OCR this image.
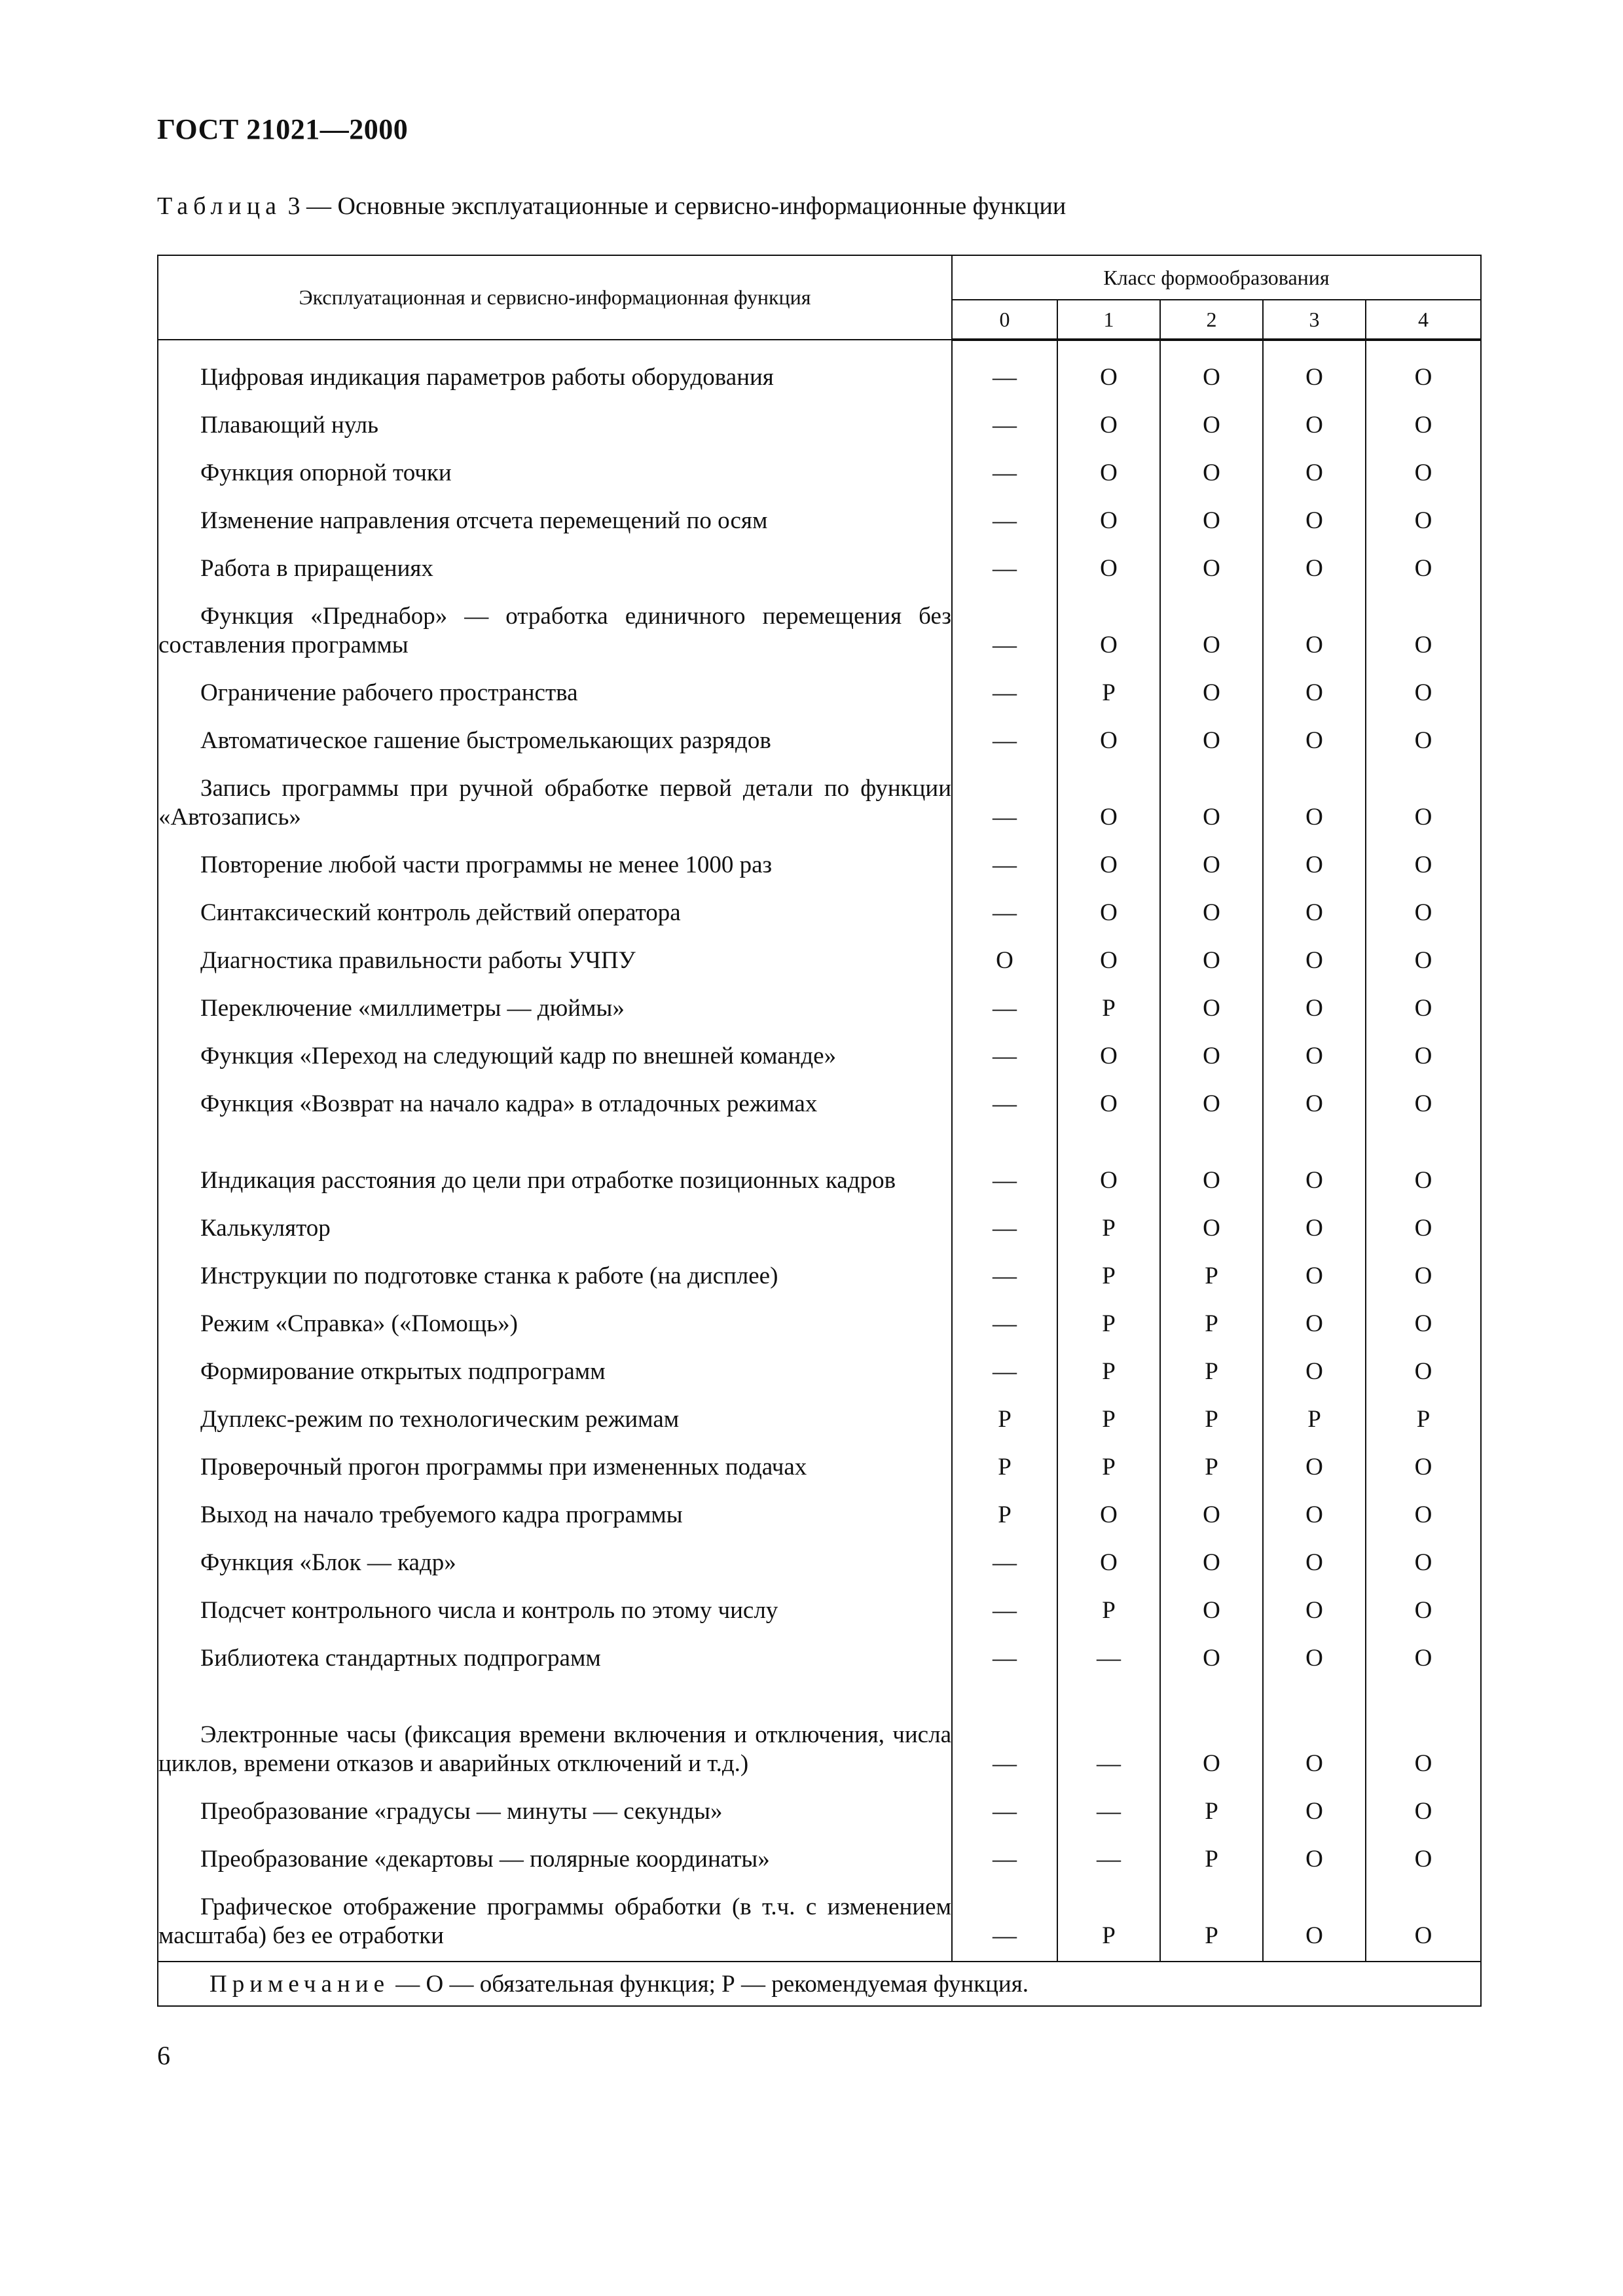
ГОСТ 21021—2000
Таблица 3 — Основные эксплуатационные и сервисно-информационные функции
Эксплуатационная и сервисно-информационная функция	Класс формообразования				
	0	1	2	3	4

Цифровая индикация параметров работы оборудования	—	О	О	О	О

Плавающий нуль	—	О	О	О	О

Функция опорной точки	—	О	О	О	О

Изменение направления отсчета перемещений по осям	—	О	О	О	О

Работа в приращениях	—	О	О	О	О

Функция «Преднабор» — отработка единичного перемещения без составления программы	—	О	О	О	О

Ограничение рабочего пространства	—	Р	О	О	О

Автоматическое гашение быстромелькающих разрядов	—	О	О	О	О

Запись программы при ручной обработке первой детали по функции «Автозапись»	—	О	О	О	О

Повторение любой части программы не менее 1000 раз	—	О	О	О	О

Синтаксический контроль действий оператора	—	О	О	О	О

Диагностика правильности работы УЧПУ	О	О	О	О	О

Переключение «миллиметры — дюймы»	—	Р	О	О	О

Функция «Переход на следующий кадр по внешней команде»	—	О	О	О	О

Функция «Возврат на начало кадра» в отладочных режимах	—	О	О	О	О

Индикация расстояния до цели при отработке позиционных кадров	—	О	О	О	О

Калькулятор	—	Р	О	О	О

Инструкции по подготовке станка к работе (на дисплее)	—	Р	Р	О	О

Режим «Справка» («Помощь»)	—	Р	Р	О	О

Формирование открытых подпрограмм	—	Р	Р	О	О

Дуплекс-режим по технологическим режимам	Р	Р	Р	Р	Р

Проверочный прогон программы при измененных подачах	Р	Р	Р	О	О

Выход на начало требуемого кадра программы	Р	О	О	О	О

Функция «Блок — кадр»	—	О	О	О	О

Подсчет контрольного числа и контроль по этому числу	—	Р	О	О	О

Библиотека стандартных подпрограмм	—	—	О	О	О

Электронные часы (фиксация времени включения и отключения, числа циклов, времени отказов и аварийных отключений и т.д.)	—	—	О	О	О

Преобразование «градусы — минуты — секунды»	—	—	Р	О	О

Преобразование «декартовы — полярные координаты»	—	—	Р	О	О

Графическое отображение программы обработки (в т.ч. с изменением масштаба) без ее отработки	—	Р	Р	О	О
Примечание — О — обязательная функция; Р — рекомендуемая функция.					
6
